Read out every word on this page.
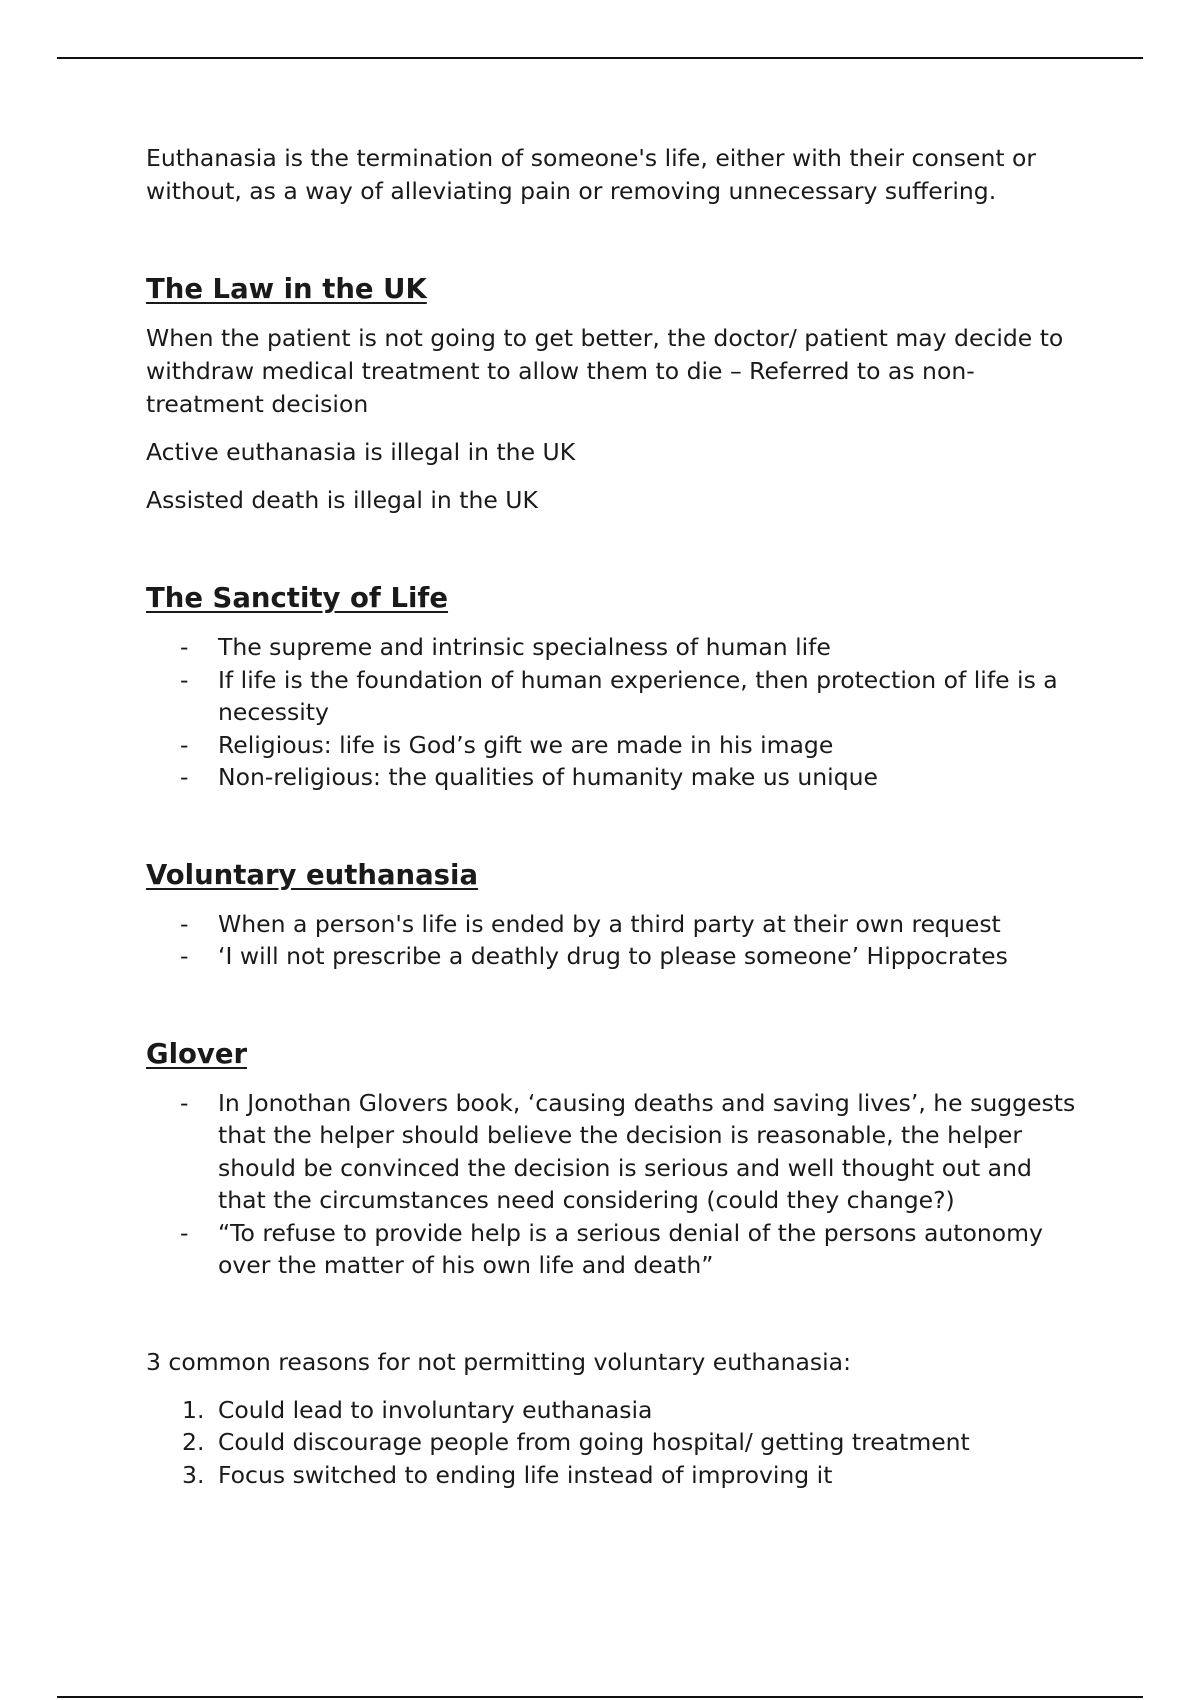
Euthanasia is the termination of someone's life, either with their consent or without, as a way of alleviating pain or removing unnecessary suffering.

The Law in the UK

When the patient is not going to get better, the doctor/ patient may decide to withdraw medical treatment to allow them to die – Referred to as non-treatment decision

Active euthanasia is illegal in the UK

Assisted death is illegal in the UK

The Sanctity of Life
- The supreme and intrinsic specialness of human life
- If life is the foundation of human experience, then protection of life is a necessity
- Religious: life is God’s gift we are made in his image
- Non-religious: the qualities of humanity make us unique
Voluntary euthanasia
- When a person's life is ended by a third party at their own request
- ‘I will not prescribe a deathly drug to please someone’ Hippocrates
Glover
- In Jonothan Glovers book, ‘causing deaths and saving lives’, he suggests that the helper should believe the decision is reasonable, the helper should be convinced the decision is serious and well thought out and that the circumstances need considering (could they change?)
- “To refuse to provide help is a serious denial of the persons autonomy over the matter of his own life and death”

3 common reasons for not permitting voluntary euthanasia:

1. Could lead to involuntary euthanasia
2. Could discourage people from going hospital/ getting treatment
3. Focus switched to ending life instead of improving it
